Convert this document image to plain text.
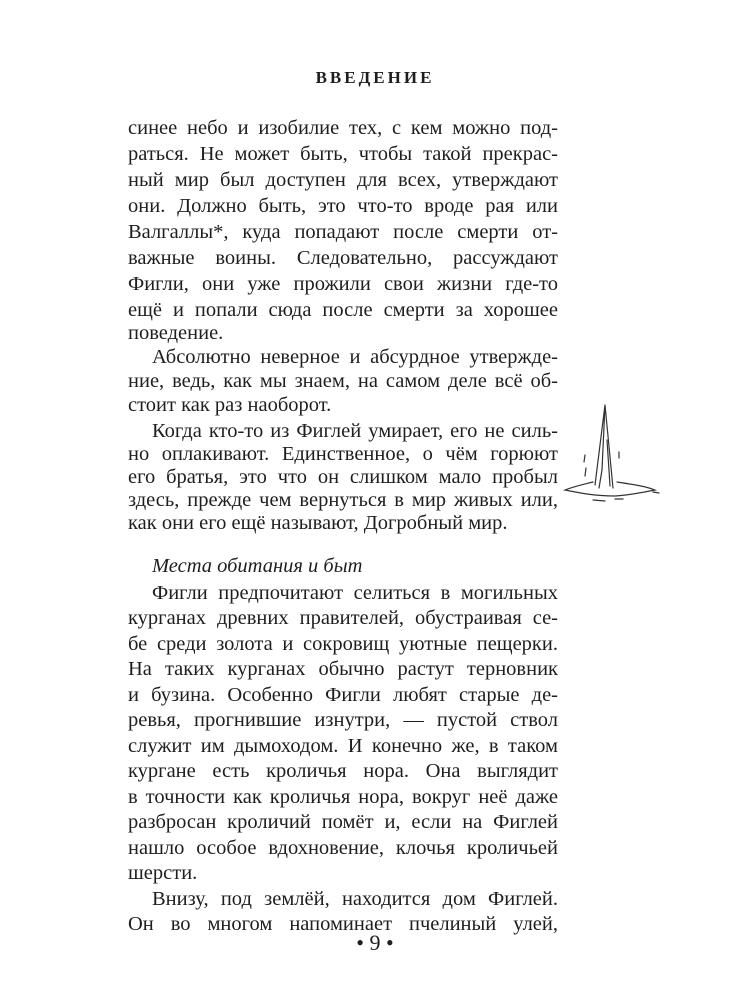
ВВЕДЕНИЕ
синее небо и изобилие тех, с кем можно под-
раться. Не может быть, чтобы такой прекрас-
ный мир был доступен для всех, утверждают
они. Должно быть, это что-то вроде рая или
Валгаллы*, куда попадают после смерти от-
важные воины. Следовательно, рассуждают
Фигли, они уже прожили свои жизни где-то
ещё и попали сюда после смерти за хорошее
поведение.
Абсолютно неверное и абсурдное утвержде-
ние, ведь, как мы знаем, на самом деле всё об-
стоит как раз наоборот.
Когда кто-то из Фиглей умирает, его не силь-
но оплакивают. Единственное, о чём горюют
его братья, это что он слишком мало пробыл
здесь, прежде чем вернуться в мир живых или,
как они его ещё называют, Догробный мир.
Места обитания и быт
Фигли предпочитают селиться в могильных
курганах древних правителей, обустраивая се-
бе среди золота и сокровищ уютные пещерки.
На таких курганах обычно растут терновник
и бузина. Особенно Фигли любят старые де-
ревья, прогнившие изнутри, — пустой ствол
служит им дымоходом. И конечно же, в таком
кургане есть кроличья нора. Она выглядит
в точности как кроличья нора, вокруг неё даже
разбросан кроличий помёт и, если на Фиглей
нашло особое вдохновение, клочья кроличьей
шерсти.
Внизу, под землёй, находится дом Фиглей.
Он во многом напоминает пчелиный улей,
• 9 •
